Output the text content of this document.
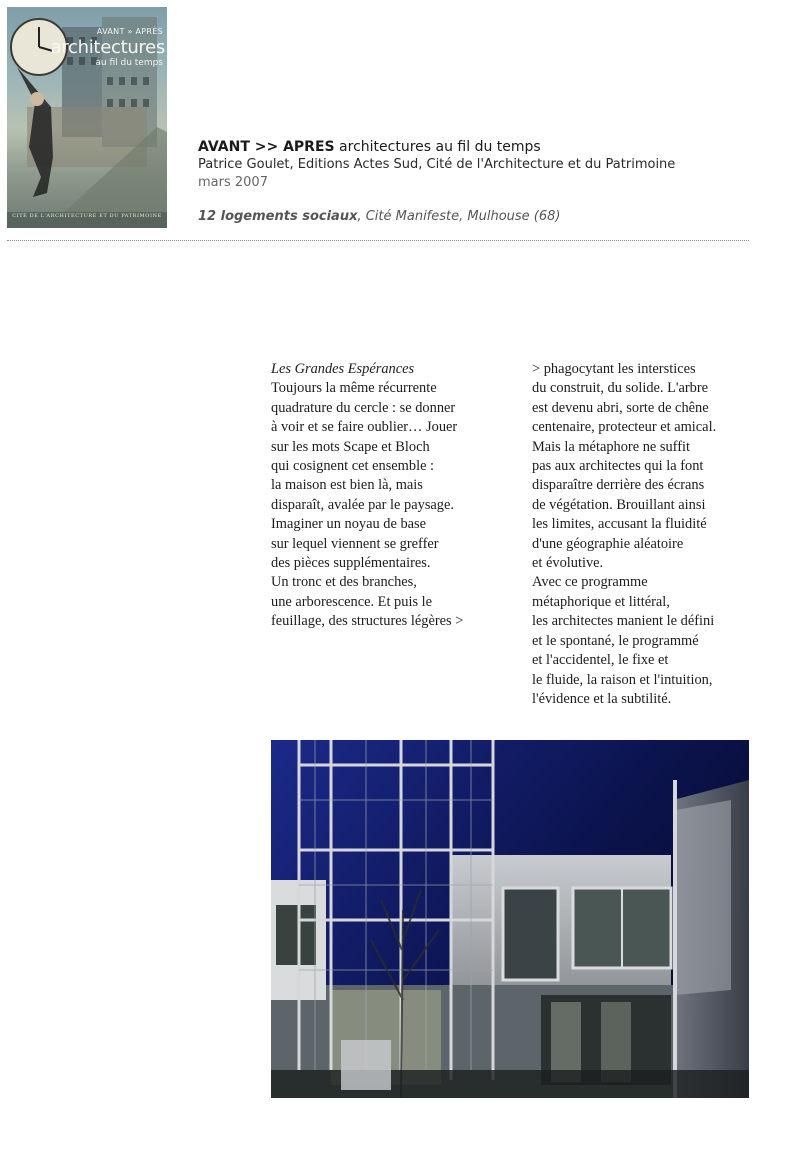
AVANT » APRÈS
architectures
au fil du temps
CITÉ DE L'ARCHITECTURE ET DU PATRIMOINE
AVANT >> APRES architectures au fil du temps
Patrice Goulet, Editions Actes Sud, Cité de l'Architecture et du Patrimoine
mars 2007
12 logements sociaux, Cité Manifeste, Mulhouse (68)
Les Grandes Espérances
Toujours la même récurrente
quadrature du cercle : se donner
à voir et se faire oublier… Jouer
sur les mots Scape et Bloch
qui cosignent cet ensemble :
la maison est bien là, mais
disparaît, avalée par le paysage.
Imaginer un noyau de base
sur lequel viennent se greffer
des pièces supplémentaires.
Un tronc et des branches,
une arborescence. Et puis le
feuillage, des structures légères >
> phagocytant les interstices
du construit, du solide. L'arbre
est devenu abri, sorte de chêne
centenaire, protecteur et amical.
Mais la métaphore ne suffit
pas aux architectes qui la font
disparaître derrière des écrans
de végétation. Brouillant ainsi
les limites, accusant la fluidité
d'une géographie aléatoire
et évolutive.
Avec ce programme
métaphorique et littéral,
les architectes manient le défini
et le spontané, le programmé
et l'accidentel, le fixe et
le fluide, la raison et l'intuition,
l'évidence et la subtilité.
